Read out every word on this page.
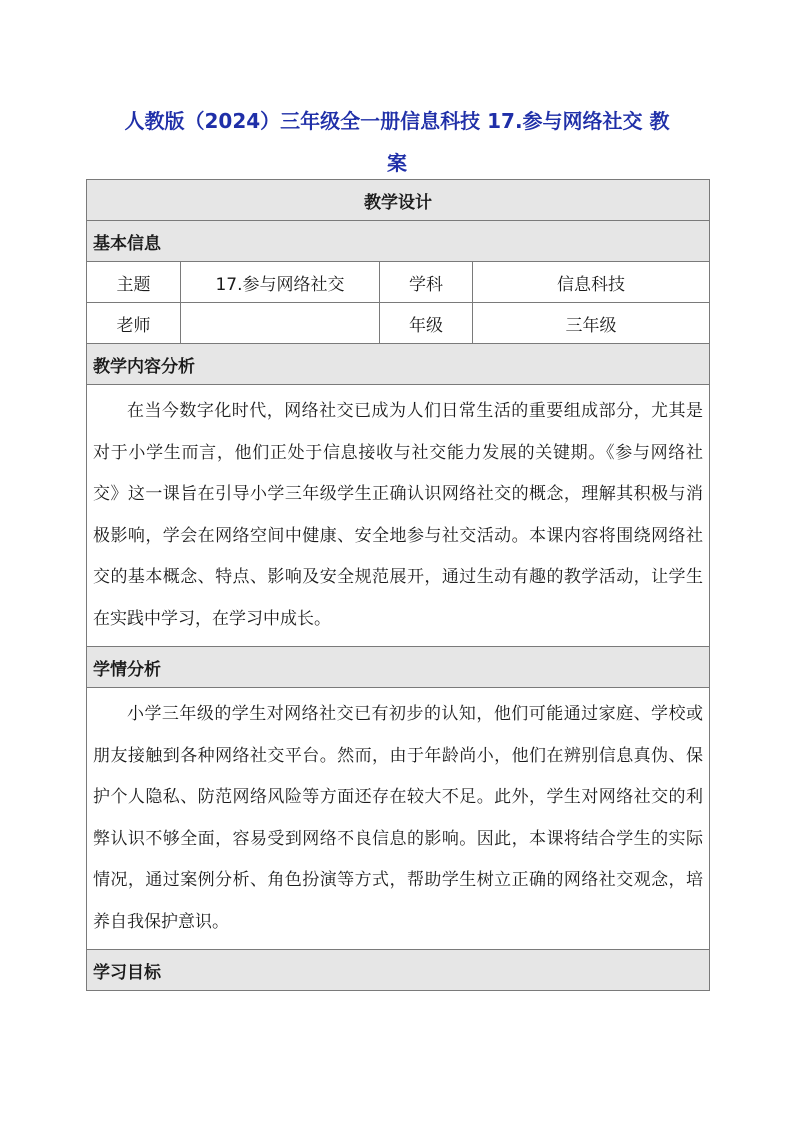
人教版（2024）三年级全一册信息科技 17.参与网络社交 教
案
教学设计			
基本信息			
主题	17.参与网络社交	学科	信息科技
老师		年级	三年级
教学内容分析			
在当今数字化时代，网络社交已成为人们日常生活的重要组成部分，尤其是对于小学生而言，他们正处于信息接收与社交能力发展的关键期。《参与网络社交》这一课旨在引导小学三年级学生正确认识网络社交的概念，理解其积极与消极影响，学会在网络空间中健康、安全地参与社交活动。本课内容将围绕网络社交的基本概念、特点、影响及安全规范展开，通过生动有趣的教学活动，让学生在实践中学习，在学习中成长。			
学情分析			
小学三年级的学生对网络社交已有初步的认知，他们可能通过家庭、学校或朋友接触到各种网络社交平台。然而，由于年龄尚小，他们在辨别信息真伪、保护个人隐私、防范网络风险等方面还存在较大不足。此外，学生对网络社交的利弊认识不够全面，容易受到网络不良信息的影响。因此，本课将结合学生的实际情况，通过案例分析、角色扮演等方式，帮助学生树立正确的网络社交观念，培养自我保护意识。			
学习目标			
